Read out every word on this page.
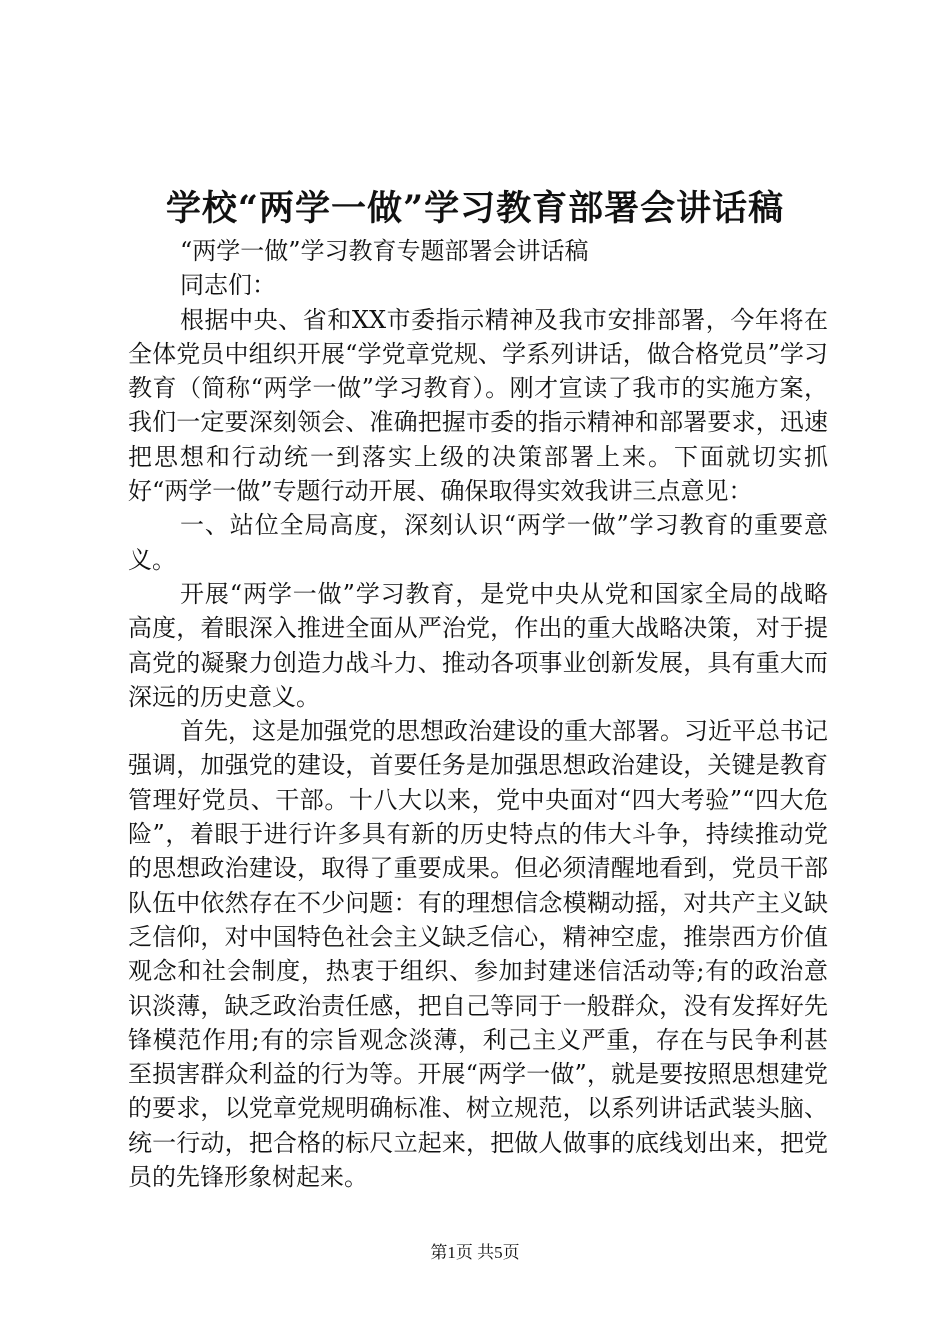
学校“两学一做”学习教育部署会讲话稿

“两学一做”学习教育专题部署会讲话稿

同志们：

根据中央、省和XX市委指示精神及我市安排部署，今年将在全体党员中组织开展“学党章党规、学系列讲话，做合格党员”学习教育（简称“两学一做”学习教育）。刚才宣读了我市的实施方案，我们一定要深刻领会、准确把握市委的指示精神和部署要求，迅速把思想和行动统一到落实上级的决策部署上来。下面就切实抓好“两学一做”专题行动开展、确保取得实效我讲三点意见：

一、站位全局高度，深刻认识“两学一做”学习教育的重要意义。

开展“两学一做”学习教育，是党中央从党和国家全局的战略高度，着眼深入推进全面从严治党，作出的重大战略决策，对于提高党的凝聚力创造力战斗力、推动各项事业创新发展，具有重大而深远的历史意义。

首先，这是加强党的思想政治建设的重大部署。习近平总书记强调，加强党的建设，首要任务是加强思想政治建设，关键是教育管理好党员、干部。十八大以来，党中央面对“四大考验”“四大危险”，着眼于进行许多具有新的历史特点的伟大斗争，持续推动党的思想政治建设，取得了重要成果。但必须清醒地看到，党员干部队伍中依然存在不少问题：有的理想信念模糊动摇，对共产主义缺乏信仰，对中国特色社会主义缺乏信心，精神空虚，推崇西方价值观念和社会制度，热衷于组织、参加封建迷信活动等;有的政治意识淡薄，缺乏政治责任感，把自己等同于一般群众，没有发挥好先锋模范作用;有的宗旨观念淡薄，利己主义严重，存在与民争利甚至损害群众利益的行为等。开展“两学一做”，就是要按照思想建党的要求，以党章党规明确标准、树立规范，以系列讲话武装头脑、统一行动，把合格的标尺立起来，把做人做事的底线划出来，把党员的先锋形象树起来。

第1页 共5页
